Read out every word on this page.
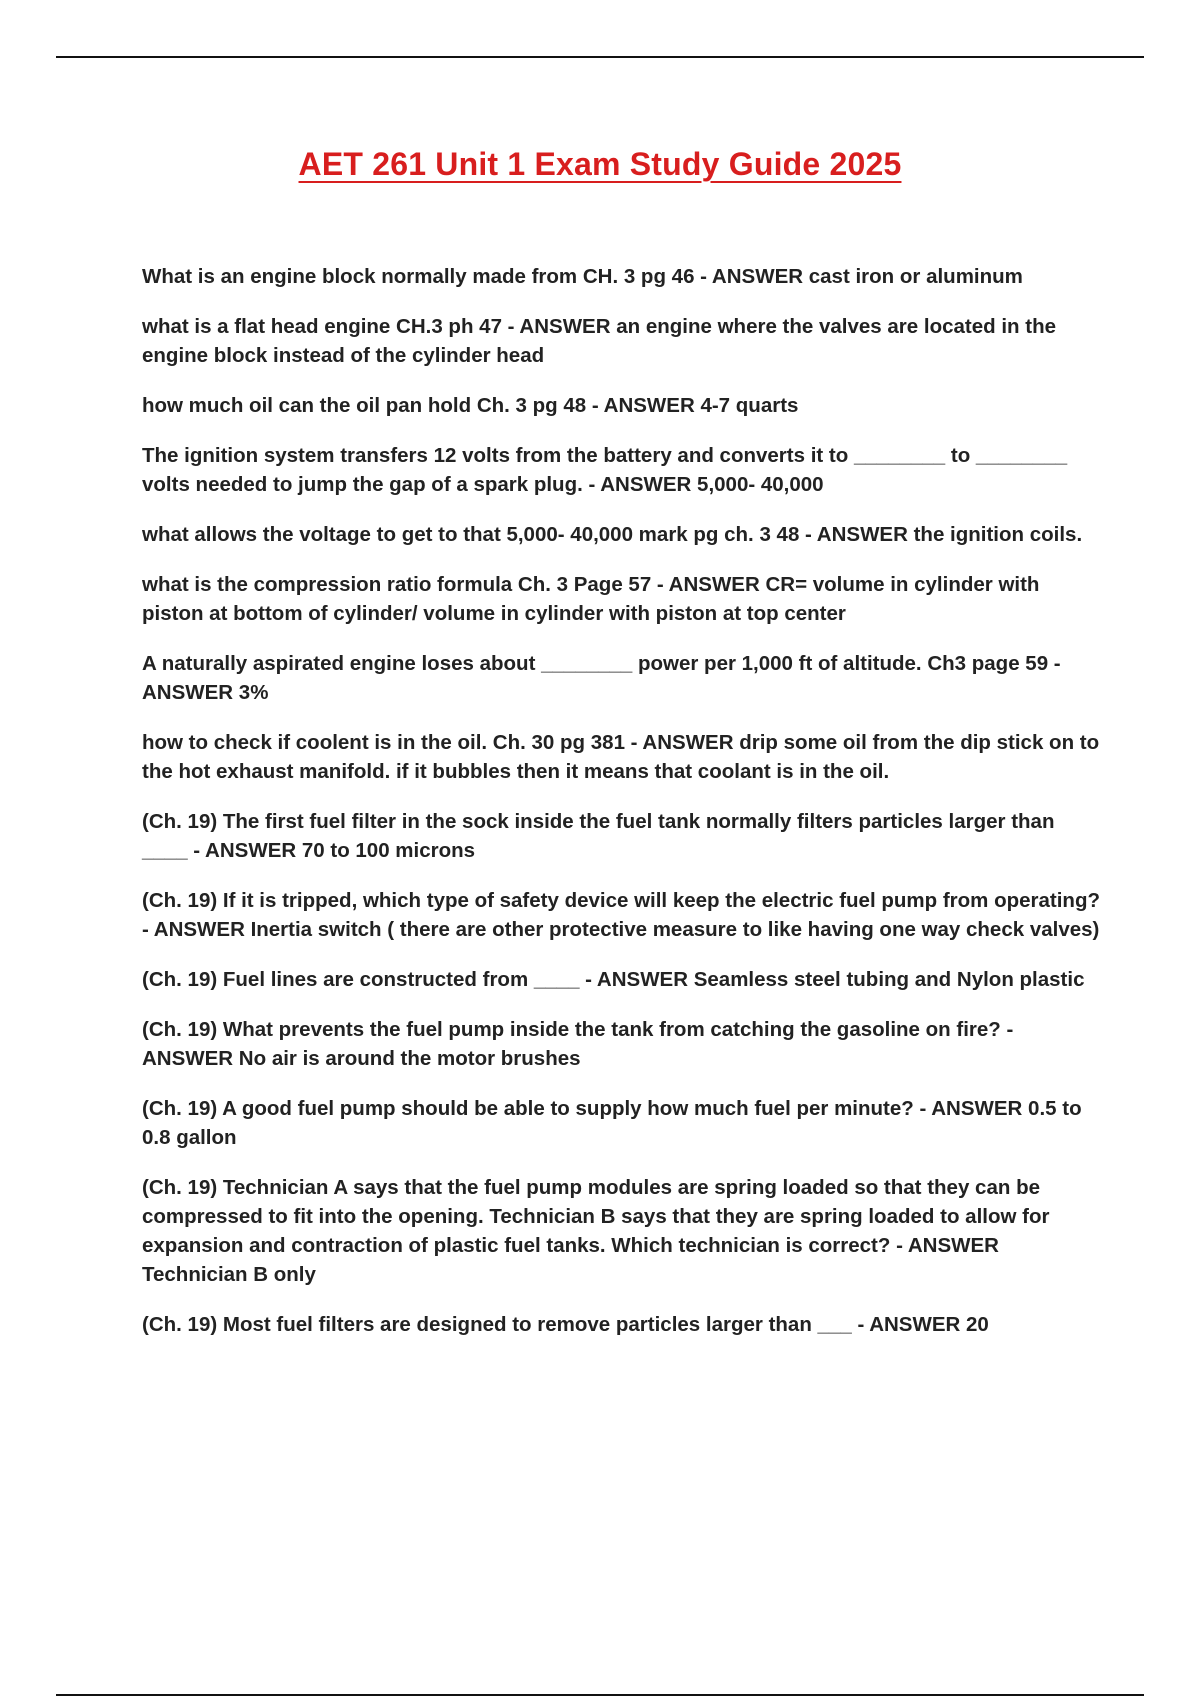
AET 261 Unit 1 Exam Study Guide 2025
What is an engine block normally made from CH. 3 pg 46 - ANSWER cast iron or aluminum
what is a flat head engine CH.3 ph 47 - ANSWER an engine where the valves are located in the engine block instead of the cylinder head
how much oil can the oil pan hold Ch. 3 pg 48 - ANSWER 4-7 quarts
The ignition system transfers 12 volts from the battery and converts it to ________ to ________ volts needed to jump the gap of a spark plug. - ANSWER 5,000- 40,000
what allows the voltage to get to that 5,000- 40,000 mark pg ch. 3 48 - ANSWER the ignition coils.
what is the compression ratio formula Ch. 3 Page 57 - ANSWER CR= volume in cylinder with piston at bottom of cylinder/ volume in cylinder with piston at top center
A naturally aspirated engine loses about ________ power per 1,000 ft of altitude. Ch3 page 59 - ANSWER 3%
how to check if coolent is in the oil. Ch. 30 pg 381 - ANSWER drip some oil from the dip stick on to the hot exhaust manifold. if it bubbles then it means that coolant is in the oil.
(Ch. 19) The first fuel filter in the sock inside the fuel tank normally filters particles larger than ____ - ANSWER 70 to 100 microns
(Ch. 19) If it is tripped, which type of safety device will keep the electric fuel pump from operating? - ANSWER Inertia switch ( there are other protective measure to like having one way check valves)
(Ch. 19) Fuel lines are constructed from ____ - ANSWER Seamless steel tubing and Nylon plastic
(Ch. 19) What prevents the fuel pump inside the tank from catching the gasoline on fire? - ANSWER No air is around the motor brushes
(Ch. 19) A good fuel pump should be able to supply how much fuel per minute? - ANSWER 0.5 to 0.8 gallon
(Ch. 19) Technician A says that the fuel pump modules are spring loaded so that they can be compressed to fit into the opening. Technician B says that they are spring loaded to allow for expansion and contraction of plastic fuel tanks. Which technician is correct? - ANSWER Technician B only
(Ch. 19) Most fuel filters are designed to remove particles larger than ___ - ANSWER 20
